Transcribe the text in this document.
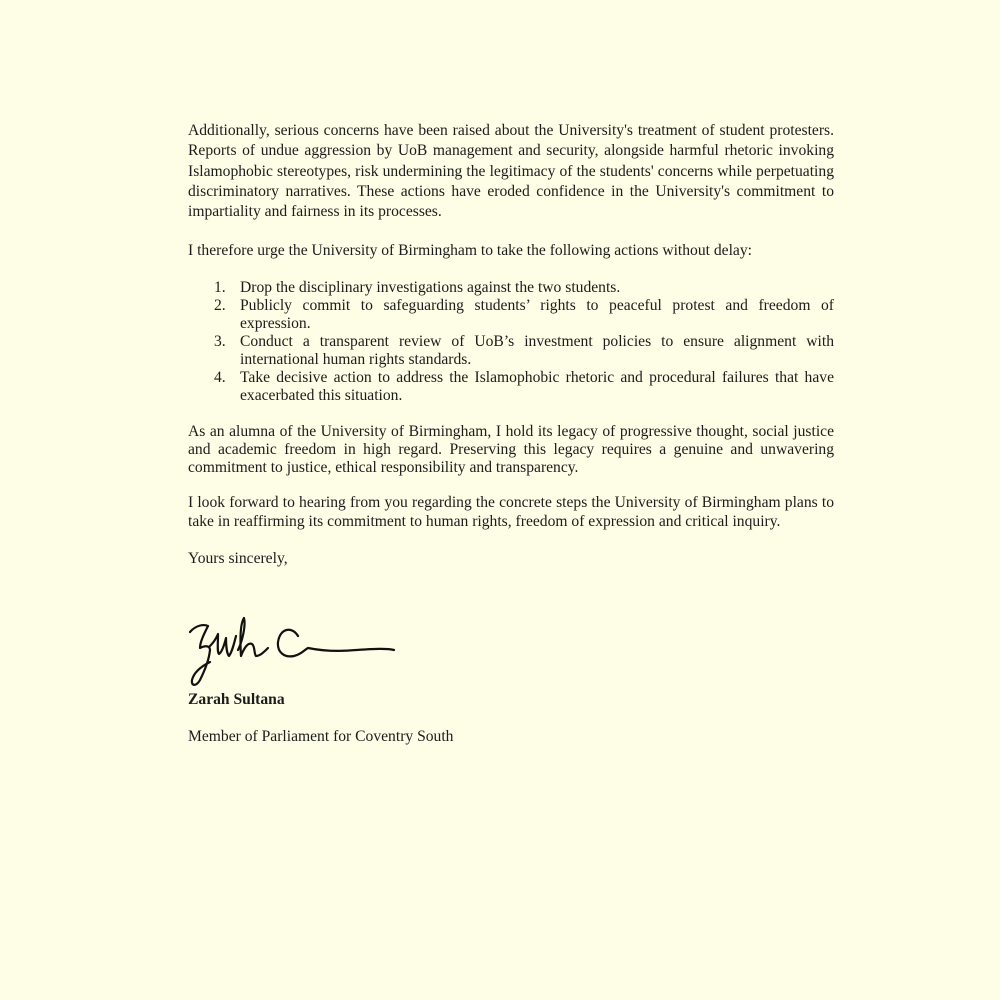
Additionally, serious concerns have been raised about the University's treatment of student protesters. Reports of undue aggression by UoB management and security, alongside harmful rhetoric invoking Islamophobic stereotypes, risk undermining the legitimacy of the students' concerns while perpetuating discriminatory narratives. These actions have eroded confidence in the University's commitment to impartiality and fairness in its processes.

I therefore urge the University of Birmingham to take the following actions without delay:

Drop the disciplinary investigations against the two students.
Publicly commit to safeguarding students’ rights to peaceful protest and freedom of expression.
Conduct a transparent review of UoB’s investment policies to ensure alignment with international human rights standards.
Take decisive action to address the Islamophobic rhetoric and procedural failures that have exacerbated this situation.

As an alumna of the University of Birmingham, I hold its legacy of progressive thought, social justice and academic freedom in high regard. Preserving this legacy requires a genuine and unwavering commitment to justice, ethical responsibility and transparency.

I look forward to hearing from you regarding the concrete steps the University of Birmingham plans to take in reaffirming its commitment to human rights, freedom of expression and critical inquiry.

Yours sincerely,

Zarah Sultana

Member of Parliament for Coventry South
